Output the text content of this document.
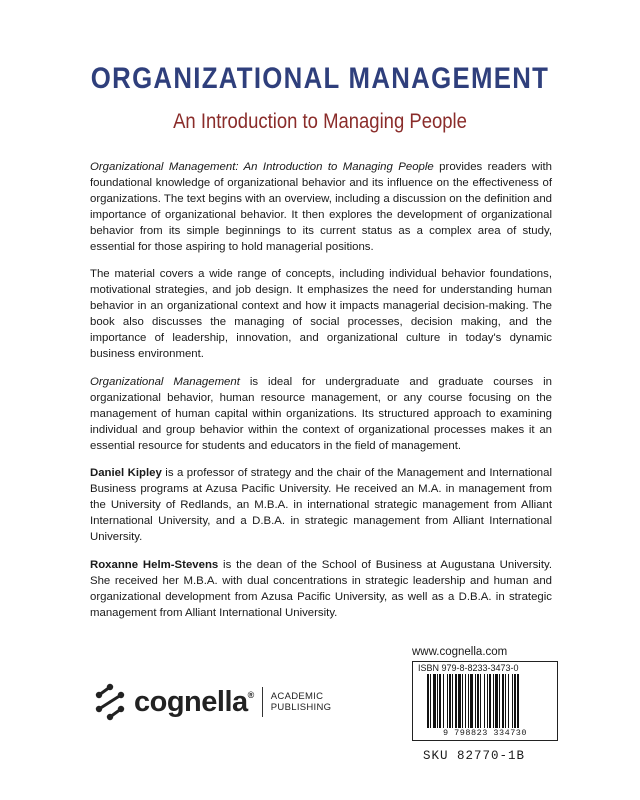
ORGANIZATIONAL MANAGEMENT
An Introduction to Managing People

Organizational Management: An Introduction to Managing People provides readers with foundational knowledge of organizational behavior and its influence on the effectiveness of organizations. The text begins with an overview, including a discussion on the definition and importance of organizational behavior. It then explores the development of organizational behavior from its simple beginnings to its current status as a complex area of study, essential for those aspiring to hold managerial positions.

The material covers a wide range of concepts, including individual behavior foundations, motivational strategies, and job design. It emphasizes the need for understanding human behavior in an organizational context and how it impacts managerial decision-making. The book also discusses the managing of social processes, decision making, and the importance of leadership, innovation, and organizational culture in today's dynamic business environment.

Organizational Management is ideal for undergraduate and graduate courses in organizational behavior, human resource management, or any course focusing on the management of human capital within organizations. Its structured approach to examining individual and group behavior within the context of organizational processes makes it an essential resource for students and educators in the field of management.

Daniel Kipley is a professor of strategy and the chair of the Management and International Business programs at Azusa Pacific University. He received an M.A. in management from the University of Redlands, an M.B.A. in international strategic management from Alliant International University, and a D.B.A. in strategic management from Alliant International University.

Roxanne Helm-Stevens is the dean of the School of Business at Augustana University. She received her M.B.A. with dual concentrations in strategic leadership and human and organizational development from Azusa Pacific University, as well as a D.B.A. in strategic management from Alliant International University.

cognella® ACADEMIC
PUBLISHING
www.cognella.com
ISBN 979-8-8233-3473-0
9 798823 334730
SKU 82770-1B
